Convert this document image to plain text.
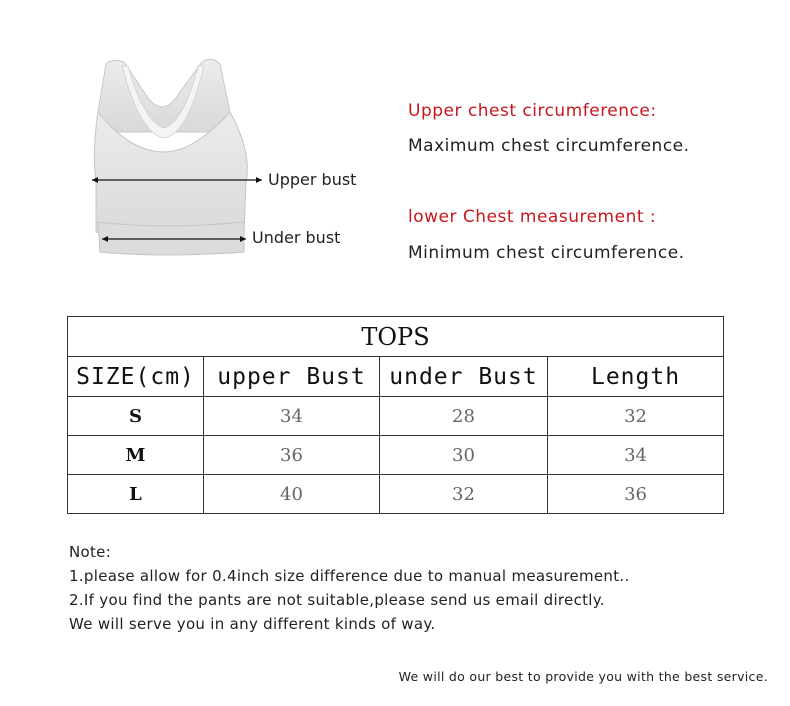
Upper bust
Under bust
Upper chest circumference:
Maximum chest circumference.
lower Chest measurement :
Minimum chest circumference.
TOPS			
SIZE(cm)	upper Bust	under Bust	Length
S	34	28	32
M	36	30	34
L	40	32	36
Note:
1.please allow for 0.4inch size difference due to manual measurement..
2.If you find the pants are not suitable,please send us email directly.
We will serve you in any different kinds of way.
We will do our best to provide you with the best service.
